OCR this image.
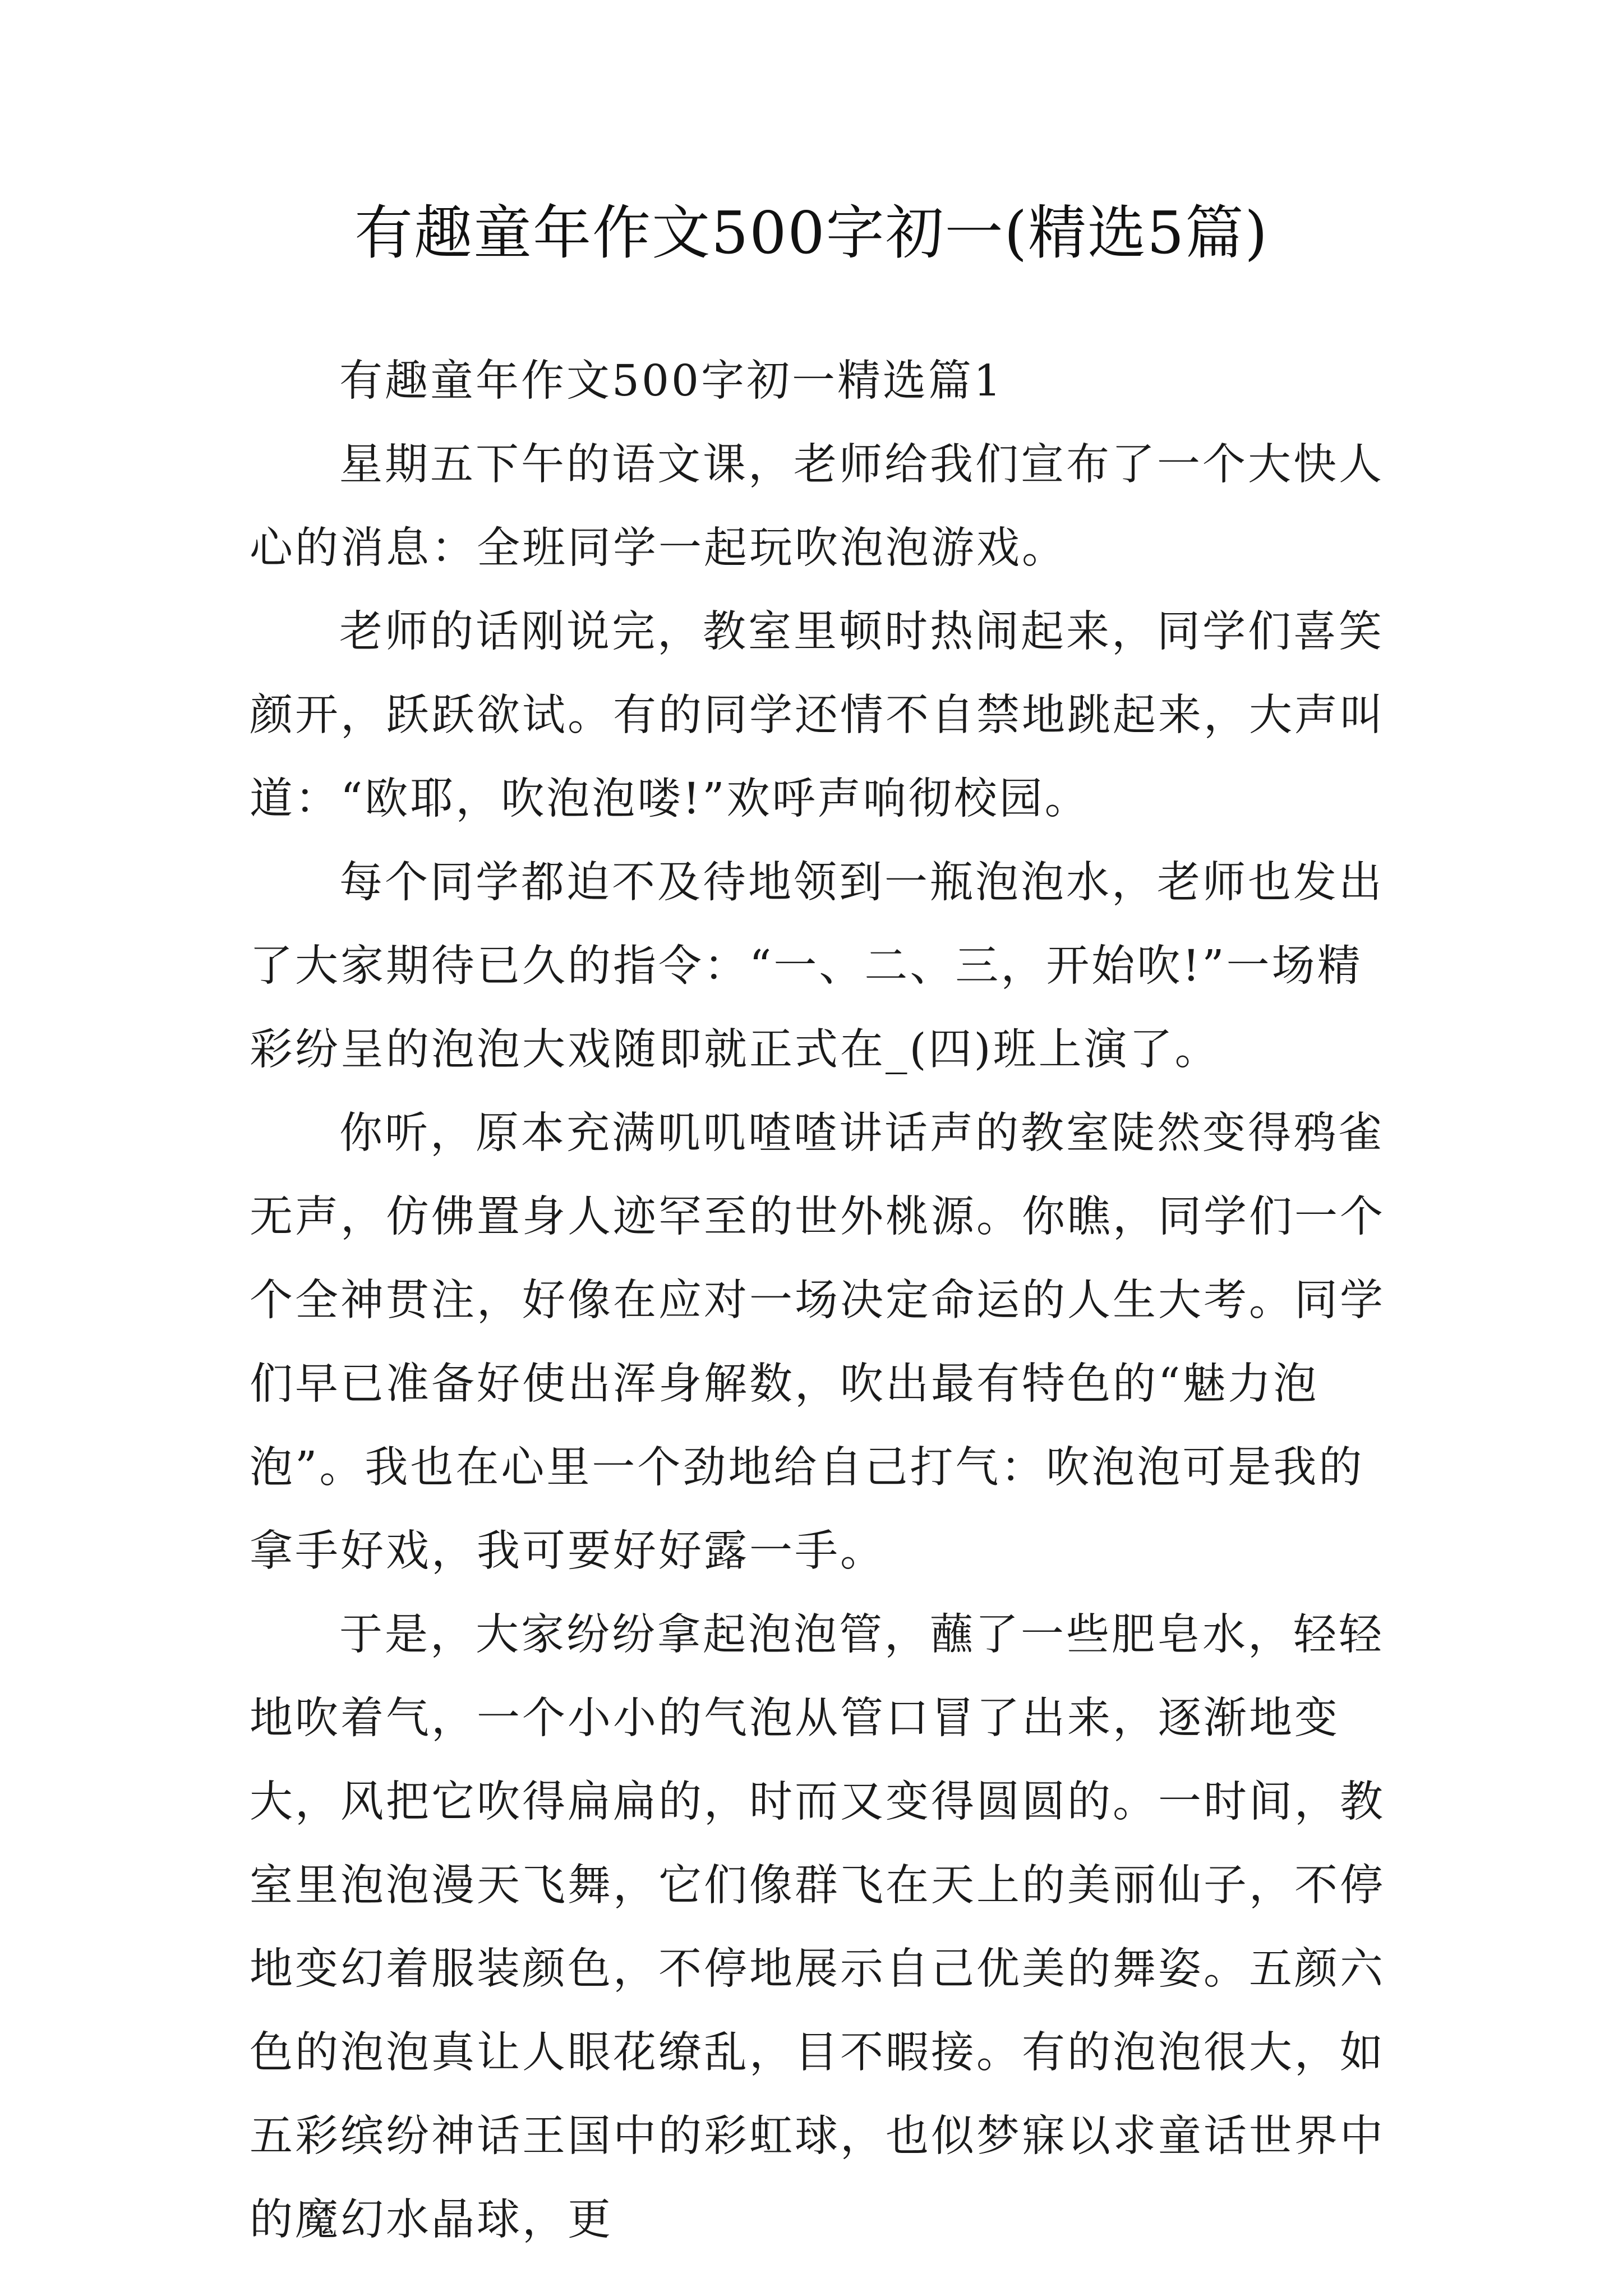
有趣童年作文500字初一(精选5篇)

有趣童年作文500字初一精选篇1

星期五下午的语文课，老师给我们宣布了一个大快人心的消息：全班同学一起玩吹泡泡游戏。

老师的话刚说完，教室里顿时热闹起来，同学们喜笑颜开，跃跃欲试。有的同学还情不自禁地跳起来，大声叫道：“欧耶，吹泡泡喽!”欢呼声响彻校园。

每个同学都迫不及待地领到一瓶泡泡水，老师也发出了大家期待已久的指令：“一、二、三，开始吹!”一场精彩纷呈的泡泡大戏随即就正式在_(四)班上演了。

你听，原本充满叽叽喳喳讲话声的教室陡然变得鸦雀无声，仿佛置身人迹罕至的世外桃源。你瞧，同学们一个个全神贯注，好像在应对一场决定命运的人生大考。同学们早已准备好使出浑身解数，吹出最有特色的“魅力泡泡”。我也在心里一个劲地给自己打气：吹泡泡可是我的拿手好戏，我可要好好露一手。

于是，大家纷纷拿起泡泡管，蘸了一些肥皂水，轻轻地吹着气，一个小小的气泡从管口冒了出来，逐渐地变大，风把它吹得扁扁的，时而又变得圆圆的。一时间，教室里泡泡漫天飞舞，它们像群飞在天上的美丽仙子，不停地变幻着服装颜色，不停地展示自己优美的舞姿。五颜六色的泡泡真让人眼花缭乱，目不暇接。有的泡泡很大，如五彩缤纷神话王国中的彩虹球，也似梦寐以求童话世界中的魔幻水晶球，更
